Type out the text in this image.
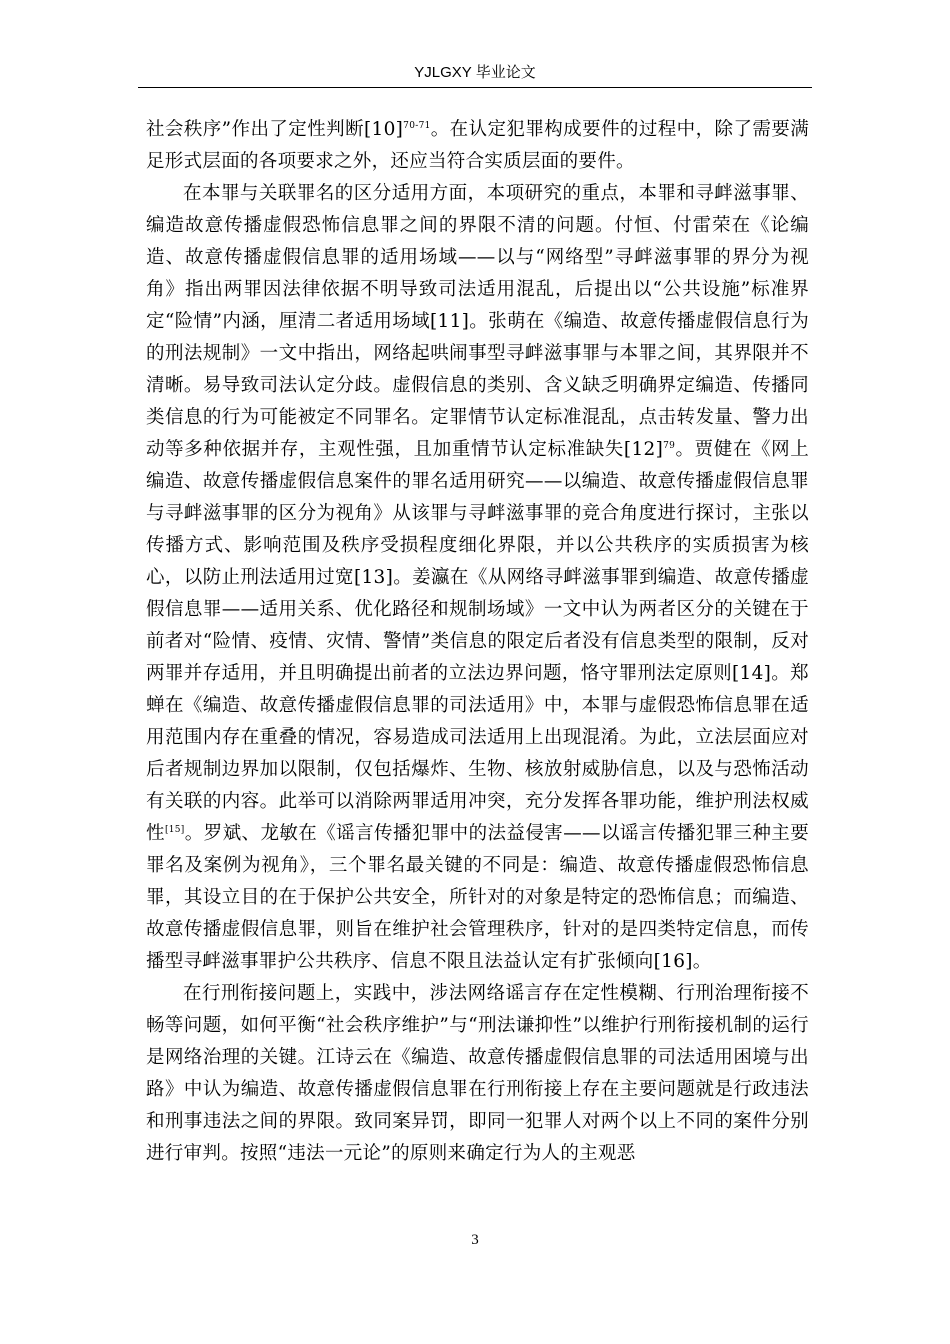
YJLGXY 毕业论文

社会秩序”作出了定性判断$[10]^{70-71}$。在认定犯罪构成要件的过程中，除了需要满足形式层面的各项要求之外，还应当符合实质层面的要件。

在本罪与关联罪名的区分适用方面，本项研究的重点，本罪和寻衅滋事罪、编造故意传播虚假恐怖信息罪之间的界限不清的问题。付恒、付雷荣在《论编造、故意传播虚假信息罪的适用场域——以与“网络型”寻衅滋事罪的界分为视角》指出两罪因法律依据不明导致司法适用混乱，后提出以“公共设施”标准界定“险情”内涵，厘清二者适用场域[11]。张萌在《编造、故意传播虚假信息行为的刑法规制》一文中指出，网络起哄闹事型寻衅滋事罪与本罪之间，其界限并不清晰。易导致司法认定分歧。虚假信息的类别、含义缺乏明确界定编造、传播同类信息的行为可能被定不同罪名。定罪情节认定标准混乱，点击转发量、警力出动等多种依据并存，主观性强，且加重情节认定标准缺失$[12]^{79}$。贾健在《网上编造、故意传播虚假信息案件的罪名适用研究——以编造、故意传播虚假信息罪与寻衅滋事罪的区分为视角》从该罪与寻衅滋事罪的竞合角度进行探讨，主张以传播方式、影响范围及秩序受损程度细化界限，并以公共秩序的实质损害为核心，以防止刑法适用过宽[13]。姜瀛在《从网络寻衅滋事罪到编造、故意传播虚假信息罪——适用关系、优化路径和规制场域》一文中认为两者区分的关键在于前者对“险情、疫情、灾情、警情”类信息的限定后者没有信息类型的限制，反对两罪并存适用，并且明确提出前者的立法边界问题，恪守罪刑法定原则[14]。郑蝉在《编造、故意传播虚假信息罪的司法适用》中，本罪与虚假恐怖信息罪在适用范围内存在重叠的情况，容易造成司法适用上出现混淆。为此，立法层面应对后者规制边界加以限制，仅包括爆炸、生物、核放射威胁信息，以及与恐怖活动有关联的内容。此举可以消除两罪适用冲突，充分发挥各罪功能，维护刑法权威性[15]。罗斌、龙敏在《谣言传播犯罪中的法益侵害——以谣言传播犯罪三种主要罪名及案例为视角》，三个罪名最关键的不同是：编造、故意传播虚假恐怖信息罪，其设立目的在于保护公共安全，所针对的对象是特定的恐怖信息；而编造、故意传播虚假信息罪，则旨在维护社会管理秩序，针对的是四类特定信息，而传播型寻衅滋事罪护公共秩序、信息不限且法益认定有扩张倾向[16]。

在行刑衔接问题上，实践中，涉法网络谣言存在定性模糊、行刑治理衔接不畅等问题，如何平衡“社会秩序维护”与“刑法谦抑性”以维护行刑衔接机制的运行是网络治理的关键。江诗云在《编造、故意传播虚假信息罪的司法适用困境与出路》中认为编造、故意传播虚假信息罪在行刑衔接上存在主要问题就是行政违法和刑事违法之间的界限。致同案异罚，即同一犯罪人对两个以上不同的案件分别进行审判。按照“违法一元论”的原则来确定行为人的主观恶

3
